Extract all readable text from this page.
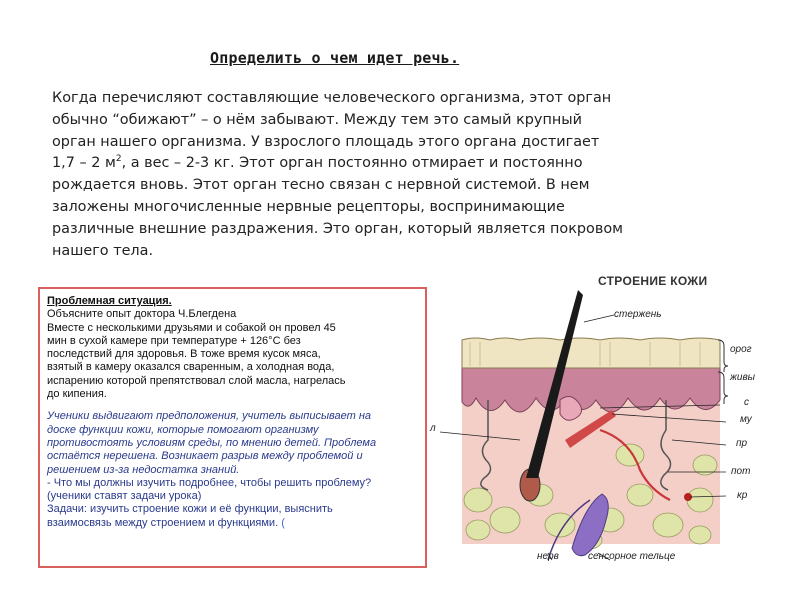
Определить о чем идет речь.

Когда перечисляют составляющие человеческого организма, этот орган

обычно “обижают” – о нём забывают. Между тем это самый крупный

орган нашего организма. У взрослого площадь этого органа достигает

1,7 – 2 $м^2$, а вес – 2-3 кг. Этот орган постоянно отмирает и постоянно

рождается вновь. Этот орган тесно связан с нервной системой. В нем

заложены многочисленные нервные рецепторы, воспринимающие

различные внешние раздражения. Это орган, который является покровом

нашего тела.

Проблемная ситуация.
Объясните опыт доктора Ч.Блегдена
Вместе с несколькими друзьями и собакой он провел 45
мин в сухой камере при температуре + 126°С без
последствий для здоровья. В тоже время кусок мяса,
взятый в камеру оказался сваренным, а холодная вода,
испарению которой препятствовал слой масла, нагрелась
до кипения.
Ученики выдвигают предположения, учитель выписывает на
доске функции кожи, которые помогают организму
противостоять условиям среды, по мнению детей. Проблема
остаётся нерешена. Возникает разрыв между проблемой и
решением из-за недостатка знаний.
- Что мы должны изучить подробнее, чтобы решить проблему?
(ученики ставят задачи урока)
Задачи: изучить строение кожи и её функции, выяснить
взаимосвязь между строением и функциями. (
СТРОЕНИЕ КОЖИ
стержень
орог
живы
с
му
пр
пот
кр
л
нерв	сенсорное тельце
